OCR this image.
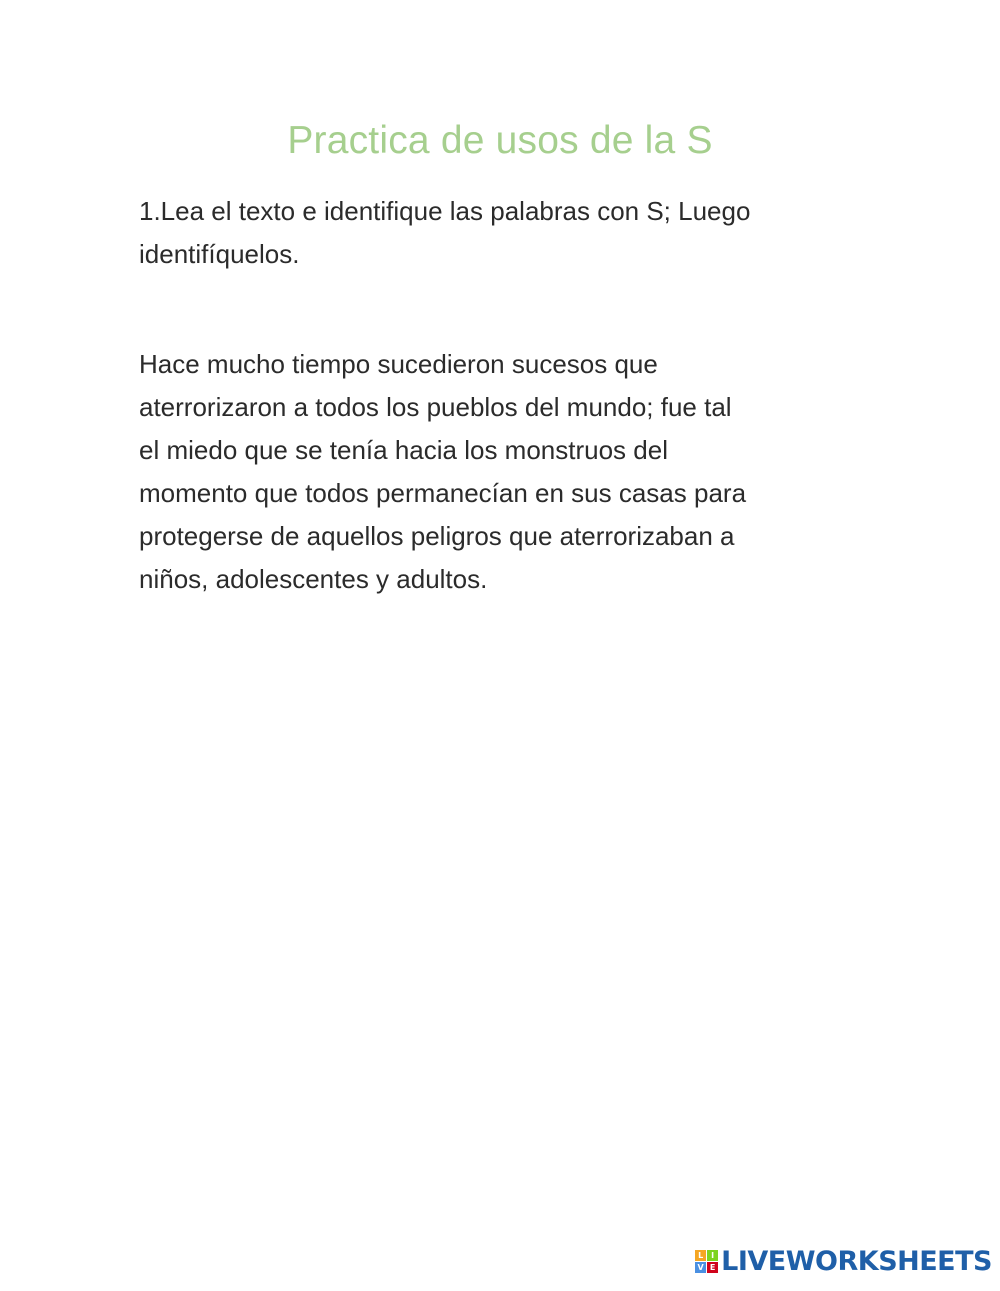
Practica de usos de la S

1.Lea el texto e identifique las palabras con S; Luego
identifíquelos.

Hace mucho tiempo sucedieron sucesos que
aterrorizaron a todos los pueblos del mundo; fue tal
el miedo que se tenía hacia los monstruos del
momento que todos permanecían en sus casas para
protegerse de aquellos peligros que aterrorizaban a
niños, adolescentes y adultos.

L I
V E LIVEWORKSHEETS
